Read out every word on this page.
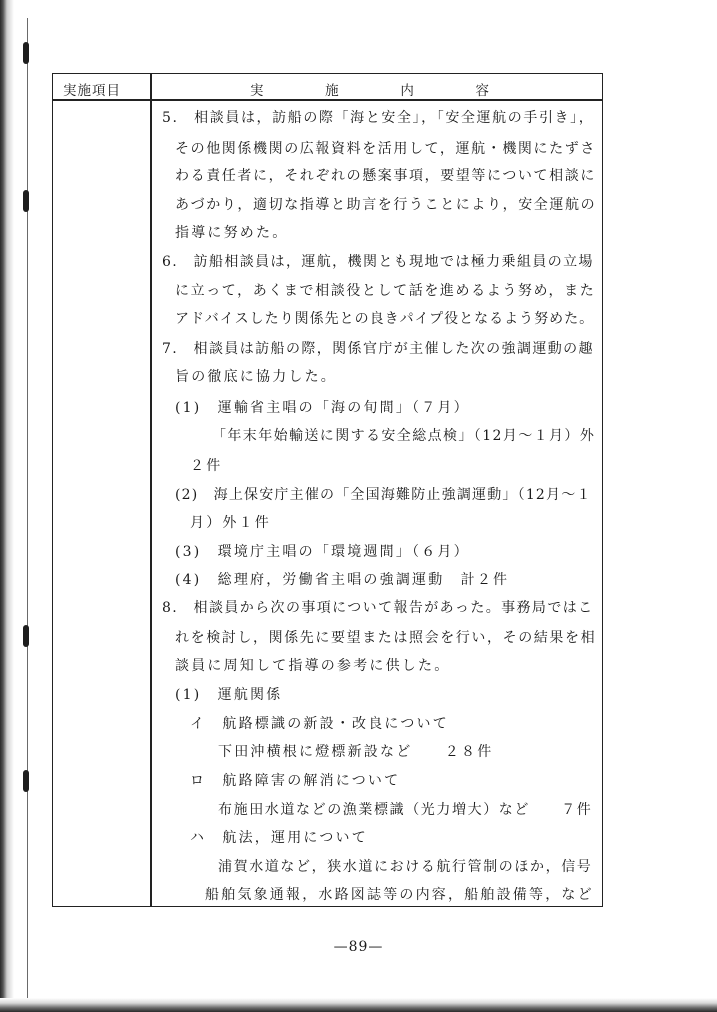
実施項目	実	施	内	容
5.　相談員は，訪船の際「海と安全」，「安全運航の手引き」，
その他関係機関の広報資料を活用して，運航・機関にたずさ
わる責任者に，それぞれの懸案事項，要望等について相談に
あづかり，適切な指導と助言を行うことにより，安全運航の
指導に努めた。
6.　訪船相談員は，運航，機関とも現地では極力乗組員の立場
に立って，あくまで相談役として話を進めるよう努め，また
アドバイスしたり関係先との良きパイプ役となるよう努めた。
7.　相談員は訪船の際，関係官庁が主催した次の強調運動の趣
旨の徹底に協力した。
(1)　運輸省主唱の「海の旬間」（７月）
「年末年始輸送に関する安全総点検」（12月～１月）外
２件
(2)　海上保安庁主催の「全国海難防止強調運動」（12月～１
月）外１件
(3)　環境庁主唱の「環境週間」（６月）
(4)　総理府，労働省主唱の強調運動　計２件
8.　相談員から次の事項について報告があった。事務局ではこ
れを検討し，関係先に要望または照会を行い，その結果を相
談員に周知して指導の参考に供した。
(1)　運航関係
イ　航路標識の新設・改良について
下田沖横根に燈標新設など　　２８件
ロ　航路障害の解消について
布施田水道などの漁業標識（光力増大）など　　７件
ハ　航法，運用について
浦賀水道など，狭水道における航行管制のほか，信号
船舶気象通報，水路図誌等の内容，船舶設備等，など
—89—
